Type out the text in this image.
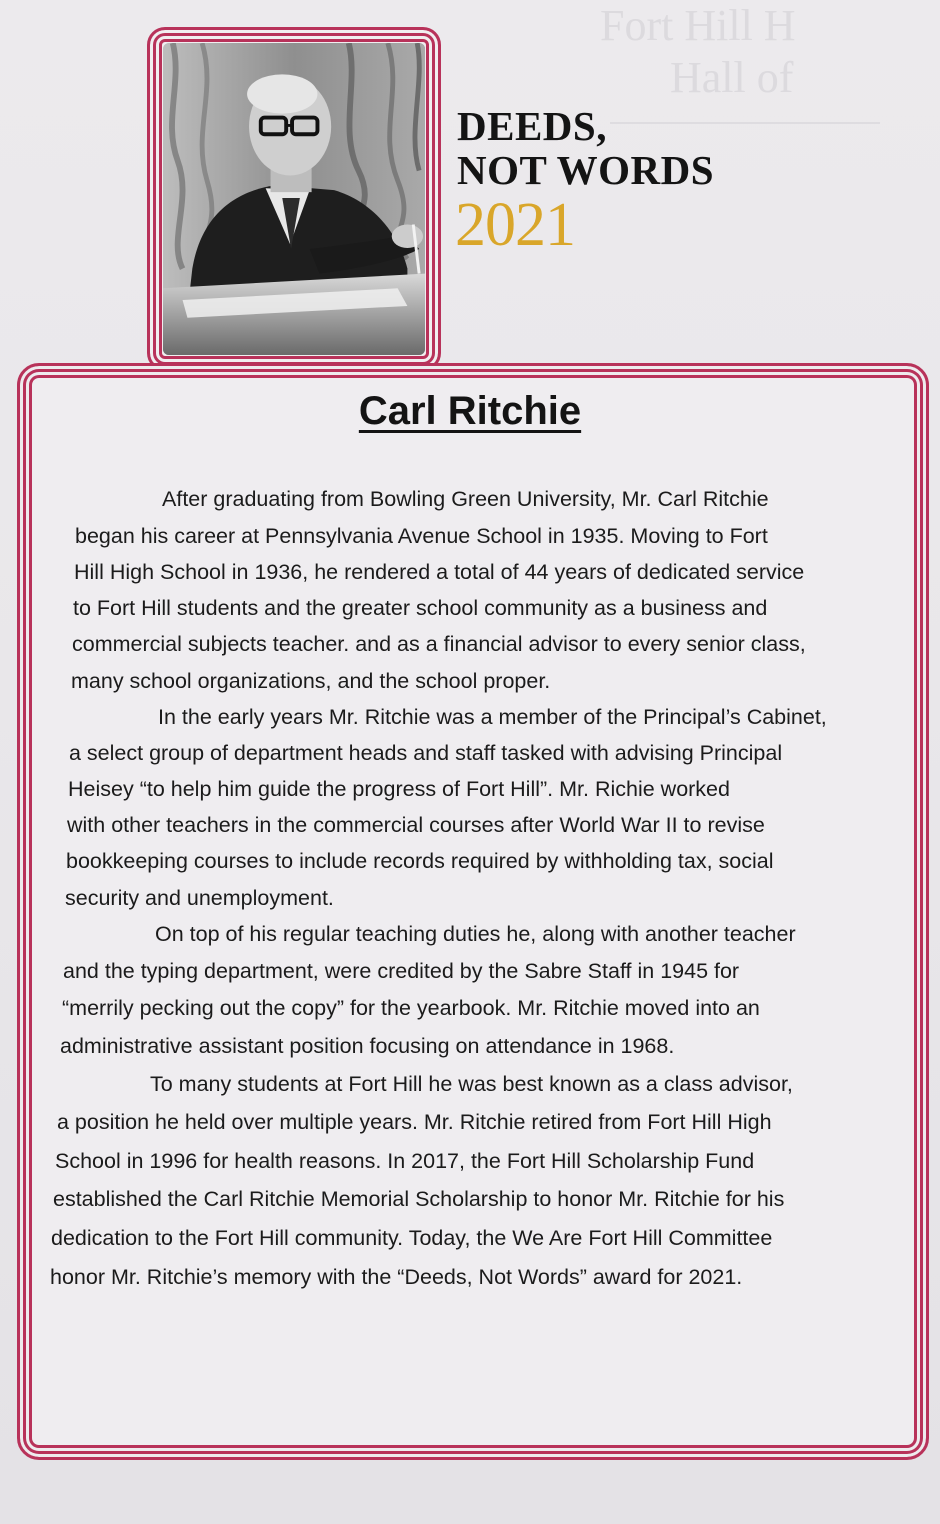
Fort Hill H
Hall of
DEEDS,
NOT WORDS
2021
Carl Ritchie
After graduating from Bowling Green University, Mr. Carl Ritchie
began his career at Pennsylvania Avenue School in 1935. Moving to Fort
Hill High School in 1936, he rendered a total of 44 years of dedicated service
to Fort Hill students and the greater school community as a business and
commercial subjects teacher. and as a financial advisor to every senior class,
many school organizations, and the school proper.
In the early years Mr. Ritchie was a member of the Principal’s Cabinet,
a select group of department heads and staff tasked with advising Principal
Heisey “to help him guide the progress of Fort Hill”. Mr. Richie worked
with other teachers in the commercial courses after World War II to revise
bookkeeping courses to include records required by withholding tax, social
security and unemployment.
On top of his regular teaching duties he, along with another teacher
and the typing department, were credited by the Sabre Staff in 1945 for
“merrily pecking out the copy” for the yearbook. Mr. Ritchie moved into an
administrative assistant position focusing on attendance in 1968.
To many students at Fort Hill he was best known as a class advisor,
a position he held over multiple years. Mr. Ritchie retired from Fort Hill High
School in 1996 for health reasons. In 2017, the Fort Hill Scholarship Fund
established the Carl Ritchie Memorial Scholarship to honor Mr. Ritchie for his
dedication to the Fort Hill community. Today, the We Are Fort Hill Committee
honor Mr. Ritchie’s memory with the “Deeds, Not Words” award for 2021.
